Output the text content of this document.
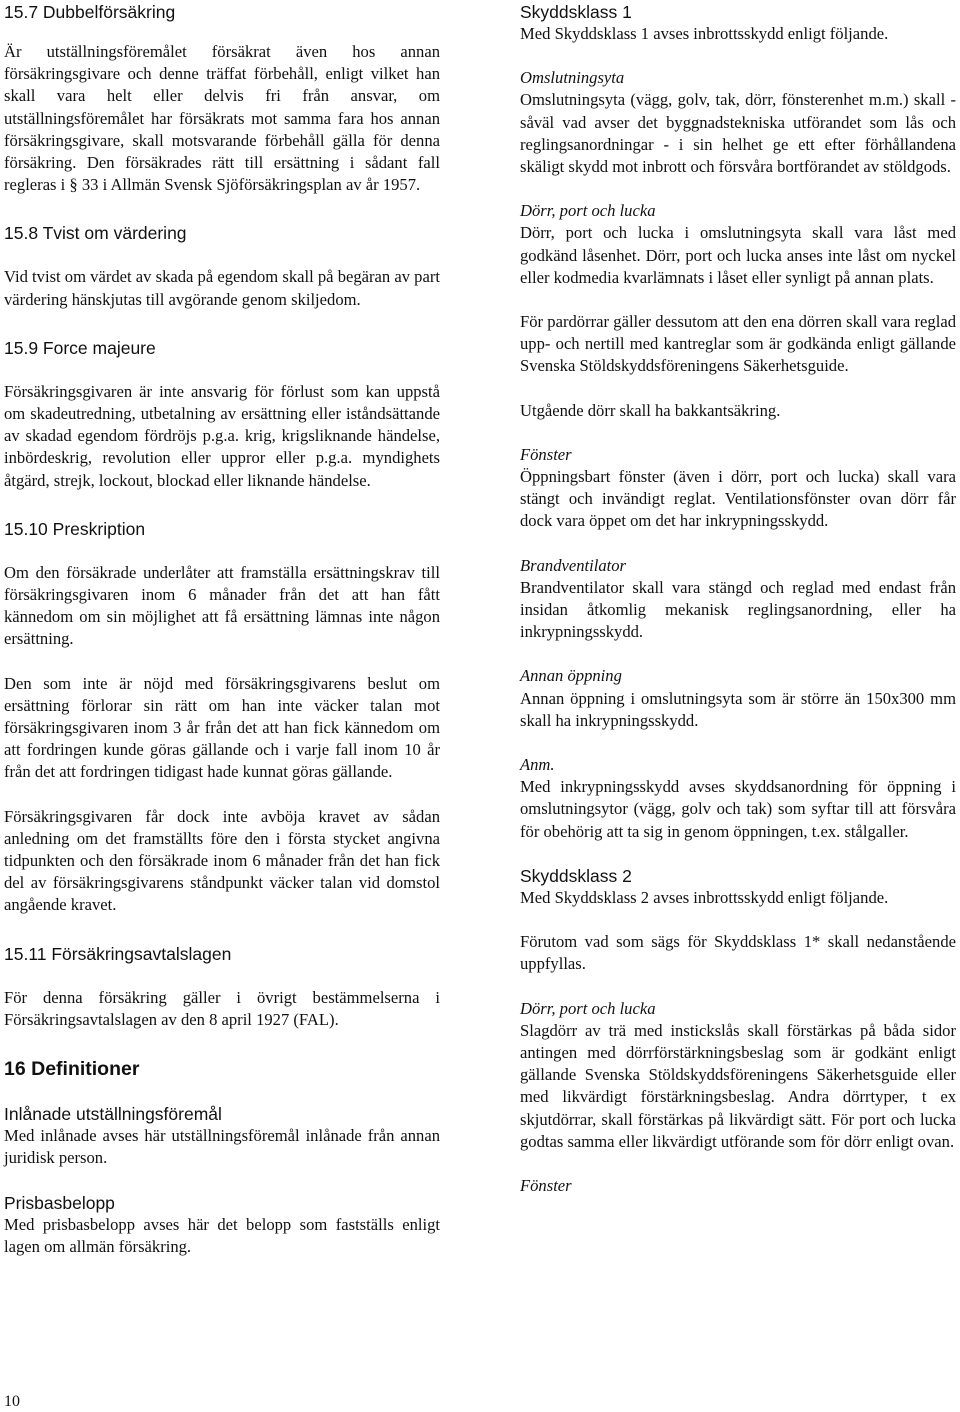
15.7 Dubbelförsäkring

Är utställningsföremålet försäkrat även hos annan försäkringsgivare och denne träffat förbehåll, enligt vilket han skall vara helt eller delvis fri från ansvar, om utställningsföremålet har försäkrats mot samma fara hos annan försäkringsgivare, skall motsvarande förbehåll gälla för denna försäkring. Den försäkrades rätt till ersättning i sådant fall regleras i § 33 i Allmän Svensk Sjöförsäkringsplan av år 1957.

15.8 Tvist om värdering

Vid tvist om värdet av skada på egendom skall på begäran av part värdering hänskjutas till avgörande genom skiljedom.

15.9 Force majeure

Försäkringsgivaren är inte ansvarig för förlust som kan uppstå om skadeutredning, utbetalning av ersättning eller iståndsättande av skadad egendom fördröjs p.g.a. krig, krigsliknande händelse, inbördeskrig, revolution eller uppror eller p.g.a. myndighets åtgärd, strejk, lockout, blockad eller liknande händelse.

15.10 Preskription

Om den försäkrade underlåter att framställa ersättningskrav till försäkringsgivaren inom 6 månader från det att han fått kännedom om sin möjlighet att få ersättning lämnas inte någon ersättning.

Den som inte är nöjd med försäkringsgivarens beslut om ersättning förlorar sin rätt om han inte väcker talan mot försäkringsgivaren inom 3 år från det att han fick kännedom om att fordringen kunde göras gällande och i varje fall inom 10 år från det att fordringen tidigast hade kunnat göras gällande.

Försäkringsgivaren får dock inte avböja kravet av sådan anledning om det framställts före den i första stycket angivna tidpunkten och den försäkrade inom 6 månader från det han fick del av försäkringsgivarens ståndpunkt väcker talan vid domstol angående kravet.

15.11 Försäkringsavtalslagen

För denna försäkring gäller i övrigt bestämmelserna i Försäkringsavtalslagen av den 8 april 1927 (FAL).

16 Definitioner
Inlånade utställningsföremål

Med inlånade avses här utställningsföremål inlånade från annan juridisk person.

Prisbasbelopp

Med prisbasbelopp avses här det belopp som fastställs enligt lagen om allmän försäkring.

Skyddsklass 1

Med Skyddsklass 1 avses inbrottsskydd enligt följande.

Omslutningsyta

Omslutningsyta (vägg, golv, tak, dörr, fönsterenhet m.m.) skall - såväl vad avser det byggnadstekniska utförandet som lås och reglingsanordningar - i sin helhet ge ett efter förhållandena skäligt skydd mot inbrott och försvåra bortförandet av stöldgods.

Dörr, port och lucka

Dörr, port och lucka i omslutningsyta skall vara låst med godkänd låsenhet. Dörr, port och lucka anses inte låst om nyckel eller kodmedia kvarlämnats i låset eller synligt på annan plats.

För pardörrar gäller dessutom att den ena dörren skall vara reglad upp- och nertill med kantreglar som är godkända enligt gällande Svenska Stöldskyddsföreningens Säkerhetsguide.

Utgående dörr skall ha bakkantsäkring.

Fönster

Öppningsbart fönster (även i dörr, port och lucka) skall vara stängt och invändigt reglat. Ventilationsfönster ovan dörr får dock vara öppet om det har inkrypningsskydd.

Brandventilator

Brandventilator skall vara stängd och reglad med endast från insidan åtkomlig mekanisk reglingsanordning, eller ha inkrypningsskydd.

Annan öppning

Annan öppning i omslutningsyta som är större än 150x300 mm skall ha inkrypningsskydd.

Anm.

Med inkrypningsskydd avses skyddsanordning för öppning i omslutningsytor (vägg, golv och tak) som syftar till att försvåra för obehörig att ta sig in genom öppningen, t.ex. stålgaller.

Skyddsklass 2

Med Skyddsklass 2 avses inbrottsskydd enligt följande.

Förutom vad som sägs för Skyddsklass 1* skall nedanstående uppfyllas.

Dörr, port och lucka

Slagdörr av trä med instickslås skall förstärkas på båda sidor antingen med dörrförstärkningsbeslag som är godkänt enligt gällande Svenska Stöldskyddsföreningens Säkerhetsguide eller med likvärdigt förstärkningsbeslag. Andra dörrtyper, t ex skjutdörrar, skall förstärkas på likvärdigt sätt. För port och lucka godtas samma eller likvärdigt utförande som för dörr enligt ovan.

Fönster
10
